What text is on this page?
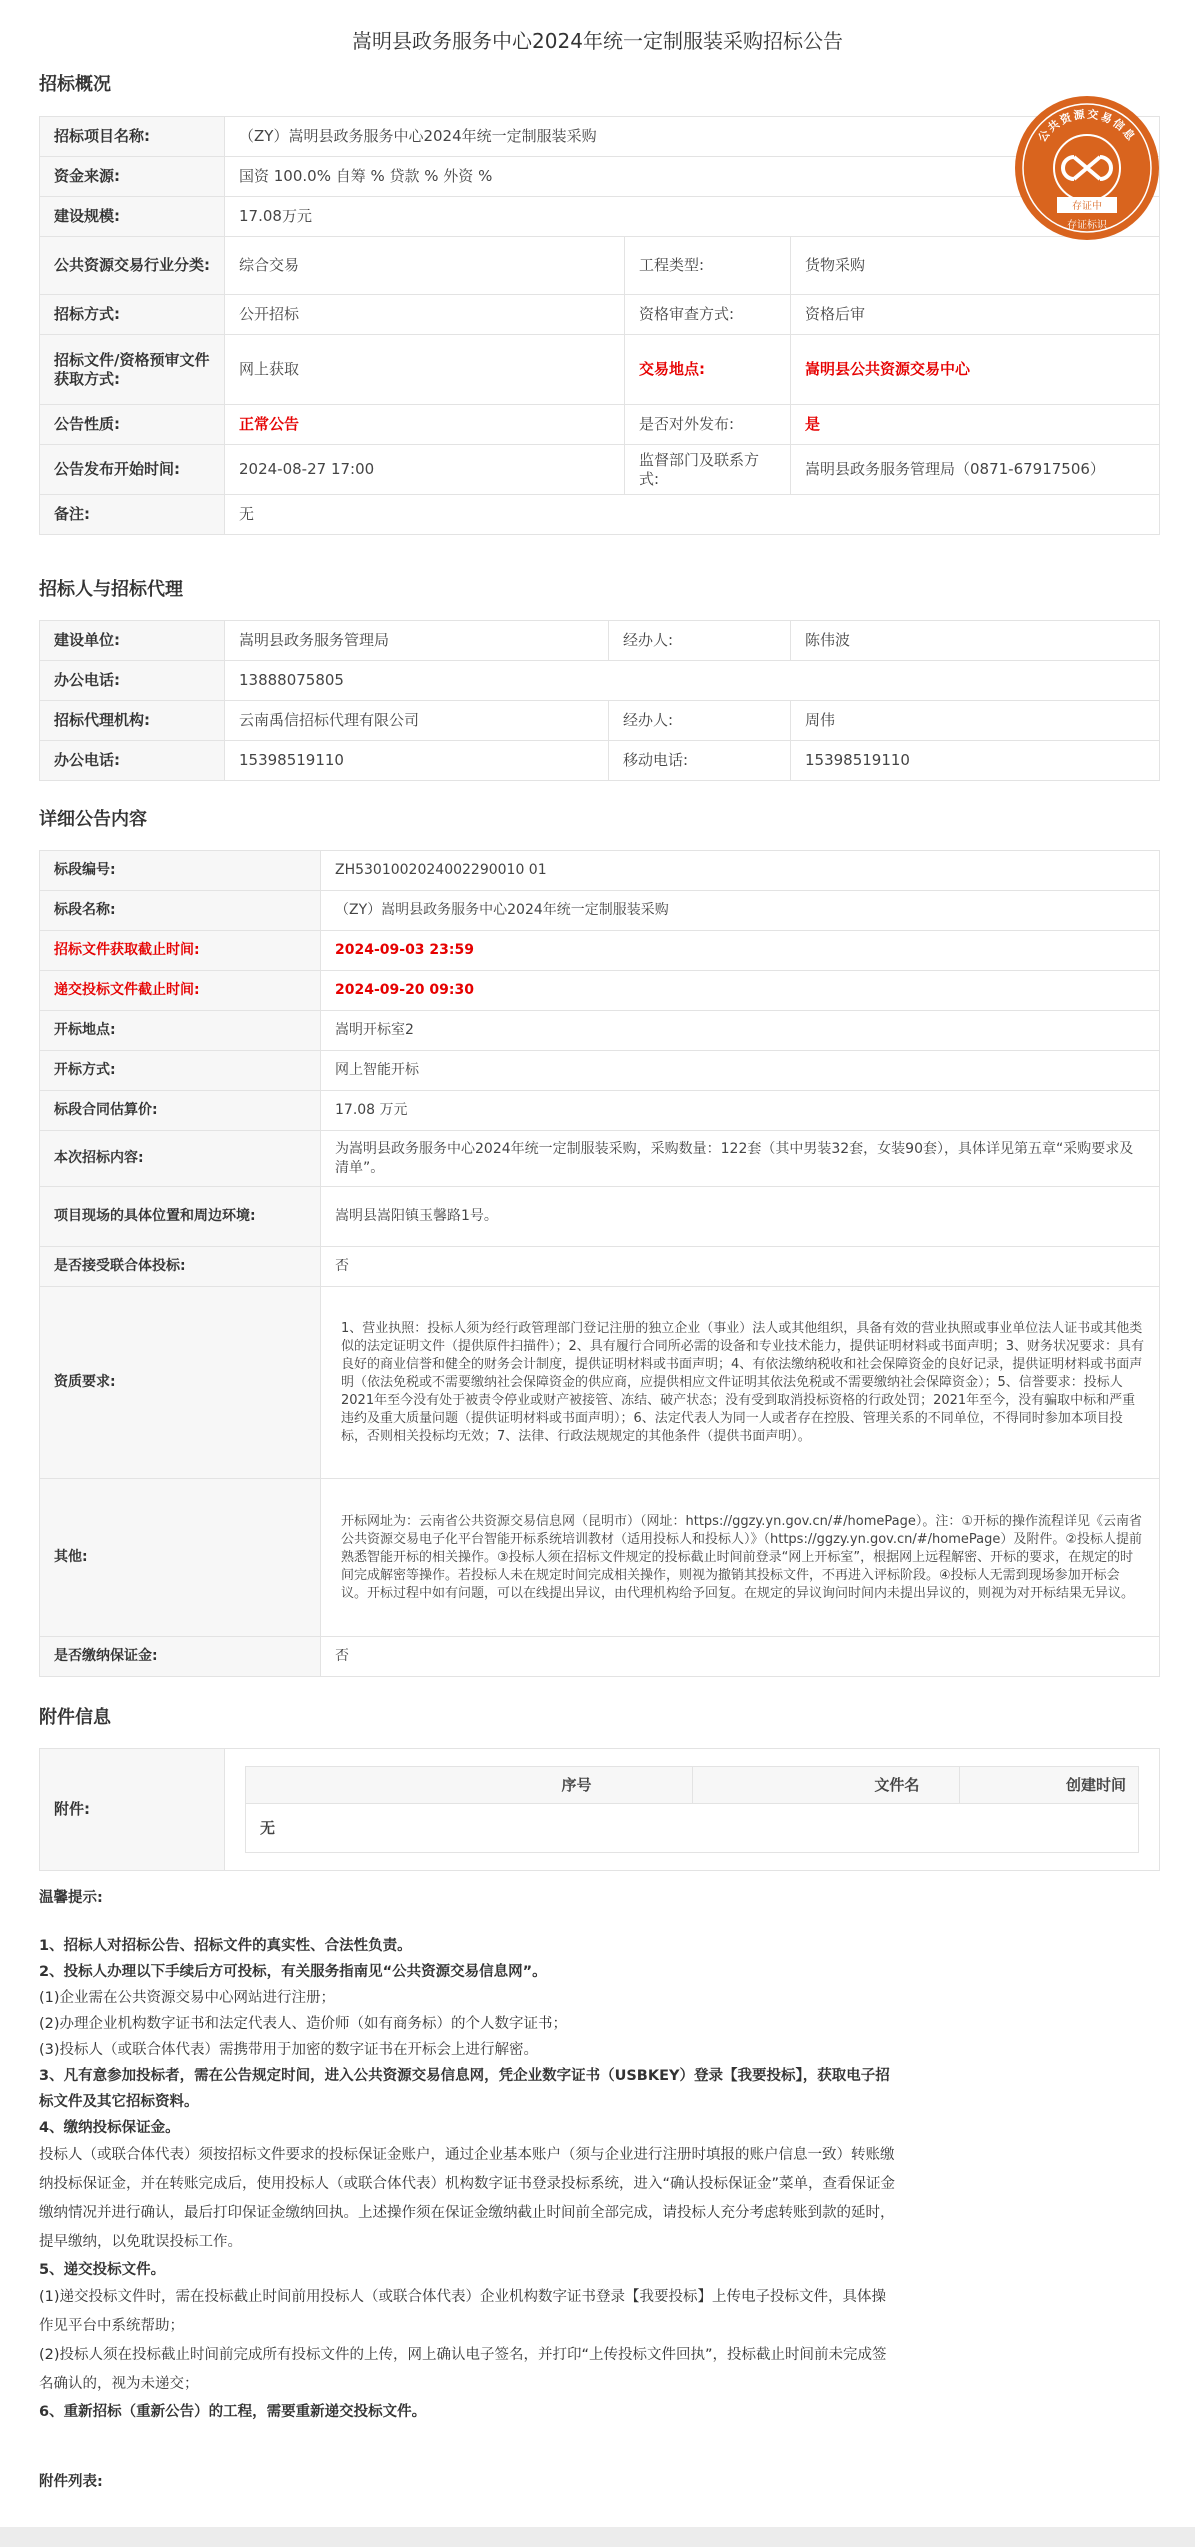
嵩明县政务服务中心2024年统一定制服装采购招标公告
招标概况
招标项目名称:	（ZY）嵩明县政务服务中心2024年统一定制服装采购		
资金来源:	国资 100.0% 自筹 % 贷款 % 外资 %		
建设规模:	17.08万元		
公共资源交易行业分类:	综合交易	工程类型:	货物采购
招标方式:	公开招标	资格审查方式:	资格后审
招标文件/资格预审文件获取方式:	网上获取	交易地点:	嵩明县公共资源交易中心
公告性质:	正常公告	是否对外发布:	是
公告发布开始时间:	2024-08-27 17:00	监督部门及联系方式:	嵩明县政务服务管理局（0871-67917506）
备注:	无		
公共资源交易信息
存证中
存证标识
招标人与招标代理
建设单位:	嵩明县政务服务管理局	经办人:	陈伟波
办公电话:	13888075805		
招标代理机构:	云南禹信招标代理有限公司	经办人:	周伟
办公电话:	15398519110	移动电话:	15398519110
详细公告内容
标段编号:	ZH5301002024002290010 01
标段名称:	（ZY）嵩明县政务服务中心2024年统一定制服装采购
招标文件获取截止时间:	2024-09-03 23:59
递交投标文件截止时间:	2024-09-20 09:30
开标地点:	嵩明开标室2
开标方式:	网上智能开标
标段合同估算价:	17.08 万元
本次招标内容:	为嵩明县政务服务中心2024年统一定制服装采购，采购数量：122套（其中男装32套，女装90套），具体详见第五章“采购要求及清单”。
项目现场的具体位置和周边环境:	嵩明县嵩阳镇玉馨路1号。
是否接受联合体投标:	否
资质要求:	1、营业执照：投标人须为经行政管理部门登记注册的独立企业（事业）法人或其他组织，具备有效的营业执照或事业单位法人证书或其他类似的法定证明文件（提供原件扫描件）；2、具有履行合同所必需的设备和专业技术能力，提供证明材料或书面声明；3、财务状况要求：具有良好的商业信誉和健全的财务会计制度，提供证明材料或书面声明；4、有依法缴纳税收和社会保障资金的良好记录，提供证明材料或书面声明（依法免税或不需要缴纳社会保障资金的供应商，应提供相应文件证明其依法免税或不需要缴纳社会保障资金）；5、信誉要求：投标人2021年至今没有处于被责令停业或财产被接管、冻结、破产状态；没有受到取消投标资格的行政处罚；2021年至今，没有骗取中标和严重违约及重大质量问题（提供证明材料或书面声明）；6、法定代表人为同一人或者存在控股、管理关系的不同单位，不得同时参加本项目投标，否则相关投标均无效；7、法律、行政法规规定的其他条件（提供书面声明）。
其他:	开标网址为：云南省公共资源交易信息网（昆明市）（网址：https://ggzy.yn.gov.cn/#/homePage）。注：①开标的操作流程详见《云南省公共资源交易电子化平台智能开标系统培训教材（适用投标人和投标人）》（https://ggzy.yn.gov.cn/#/homePage）及附件。②投标人提前熟悉智能开标的相关操作。③投标人须在招标文件规定的投标截止时间前登录“网上开标室”，根据网上远程解密、开标的要求，在规定的时间完成解密等操作。若投标人未在规定时间完成相关操作，则视为撤销其投标文件，不再进入评标阶段。④投标人无需到现场参加开标会议。开标过程中如有问题，可以在线提出异议，由代理机构给予回复。在规定的异议询问时间内未提出异议的，则视为对开标结果无异议。
是否缴纳保证金:	否
附件信息
附件:	
序号	文件名	创建时间
无
温馨提示:
1、招标人对招标公告、招标文件的真实性、合法性负责。
2、投标人办理以下手续后方可投标，有关服务指南见“公共资源交易信息网”。
(1)企业需在公共资源交易中心网站进行注册；
(2)办理企业机构数字证书和法定代表人、造价师（如有商务标）的个人数字证书；
(3)投标人（或联合体代表）需携带用于加密的数字证书在开标会上进行解密。
3、凡有意参加投标者，需在公告规定时间，进入公共资源交易信息网，凭企业数字证书（USBKEY）登录【我要投标】，获取电子招标文件及其它招标资料。
4、缴纳投标保证金。
投标人（或联合体代表）须按招标文件要求的投标保证金账户，通过企业基本账户（须与企业进行注册时填报的账户信息一致）转账缴纳投标保证金，并在转账完成后，使用投标人（或联合体代表）机构数字证书登录投标系统，进入“确认投标保证金”菜单，查看保证金缴纳情况并进行确认，最后打印保证金缴纳回执。上述操作须在保证金缴纳截止时间前全部完成，请投标人充分考虑转账到款的延时，提早缴纳，以免耽误投标工作。
5、递交投标文件。
(1)递交投标文件时，需在投标截止时间前用投标人（或联合体代表）企业机构数字证书登录【我要投标】上传电子投标文件，具体操作见平台中系统帮助；
(2)投标人须在投标截止时间前完成所有投标文件的上传，网上确认电子签名，并打印“上传投标文件回执”，投标截止时间前未完成签名确认的，视为未递交；
6、重新招标（重新公告）的工程，需要重新递交投标文件。
附件列表:
